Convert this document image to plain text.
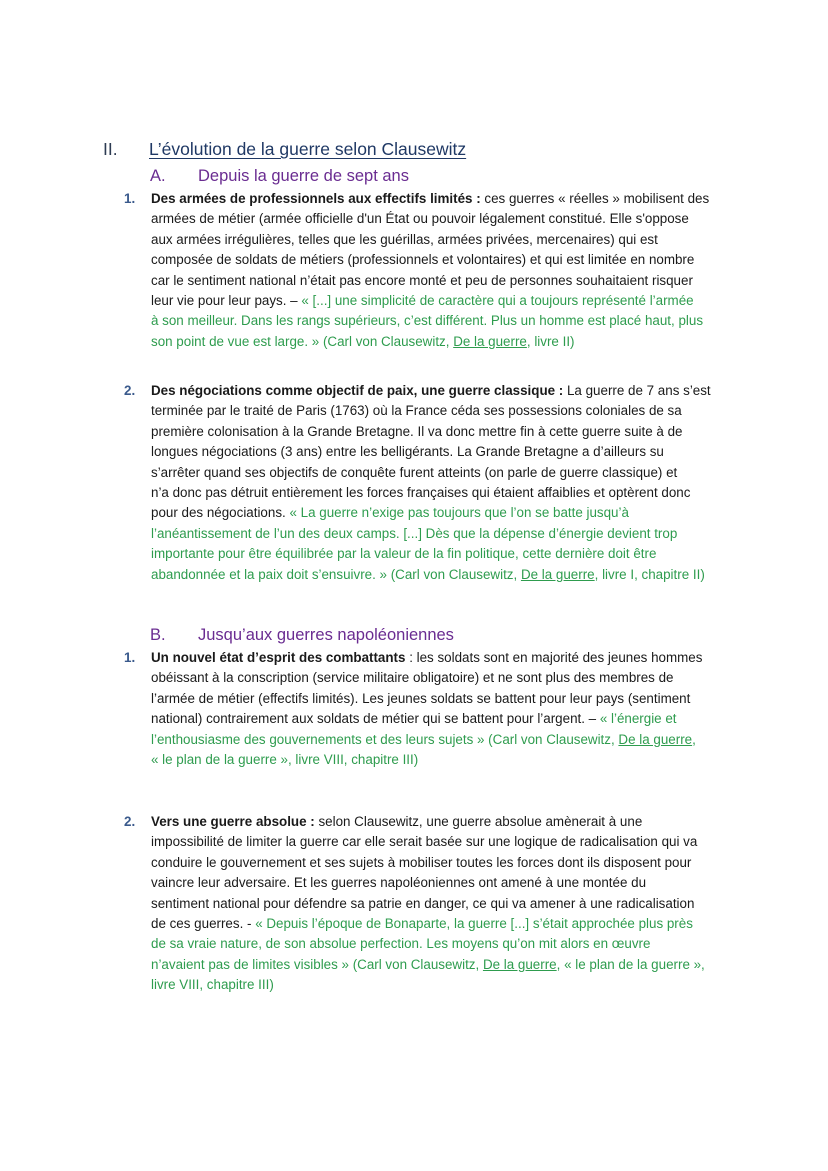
II. L’évolution de la guerre selon Clausewitz
A. Depuis la guerre de sept ans
1. Des armées de professionnels aux effectifs limités : ces guerres « réelles » mobilisent des
armées de métier (armée officielle d'un État ou pouvoir légalement constitué. Elle s'oppose
aux armées irrégulières, telles que les guérillas, armées privées, mercenaires) qui est
composée de soldats de métiers (professionnels et volontaires) et qui est limitée en nombre
car le sentiment national n’était pas encore monté et peu de personnes souhaitaient risquer
leur vie pour leur pays. – « [...] une simplicité de caractère qui a toujours représenté l’armée
à son meilleur. Dans les rangs supérieurs, c’est différent. Plus un homme est placé haut, plus
son point de vue est large. » (Carl von Clausewitz, De la guerre, livre II)
2. Des négociations comme objectif de paix, une guerre classique : La guerre de 7 ans s’est
terminée par le traité de Paris (1763) où la France céda ses possessions coloniales de sa
première colonisation à la Grande Bretagne. Il va donc mettre fin à cette guerre suite à de
longues négociations (3 ans) entre les belligérants. La Grande Bretagne a d’ailleurs su
s’arrêter quand ses objectifs de conquête furent atteints (on parle de guerre classique) et
n’a donc pas détruit entièrement les forces françaises qui étaient affaiblies et optèrent donc
pour des négociations. « La guerre n’exige pas toujours que l’on se batte jusqu’à
l’anéantissement de l’un des deux camps. [...] Dès que la dépense d’énergie devient trop
importante pour être équilibrée par la valeur de la fin politique, cette dernière doit être
abandonnée et la paix doit s’ensuivre. » (Carl von Clausewitz, De la guerre, livre I, chapitre II)
B. Jusqu’aux guerres napoléoniennes
1. Un nouvel état d’esprit des combattants : les soldats sont en majorité des jeunes hommes
obéissant à la conscription (service militaire obligatoire) et ne sont plus des membres de
l’armée de métier (effectifs limités). Les jeunes soldats se battent pour leur pays (sentiment
national) contrairement aux soldats de métier qui se battent pour l’argent. – « l’énergie et
l’enthousiasme des gouvernements et des leurs sujets » (Carl von Clausewitz, De la guerre,
« le plan de la guerre », livre VIII, chapitre III)
2. Vers une guerre absolue : selon Clausewitz, une guerre absolue amènerait à une
impossibilité de limiter la guerre car elle serait basée sur une logique de radicalisation qui va
conduire le gouvernement et ses sujets à mobiliser toutes les forces dont ils disposent pour
vaincre leur adversaire. Et les guerres napoléoniennes ont amené à une montée du
sentiment national pour défendre sa patrie en danger, ce qui va amener à une radicalisation
de ces guerres. - « Depuis l’époque de Bonaparte, la guerre [...] s’était approchée plus près
de sa vraie nature, de son absolue perfection. Les moyens qu’on mit alors en œuvre
n’avaient pas de limites visibles » (Carl von Clausewitz, De la guerre, « le plan de la guerre »,
livre VIII, chapitre III)
